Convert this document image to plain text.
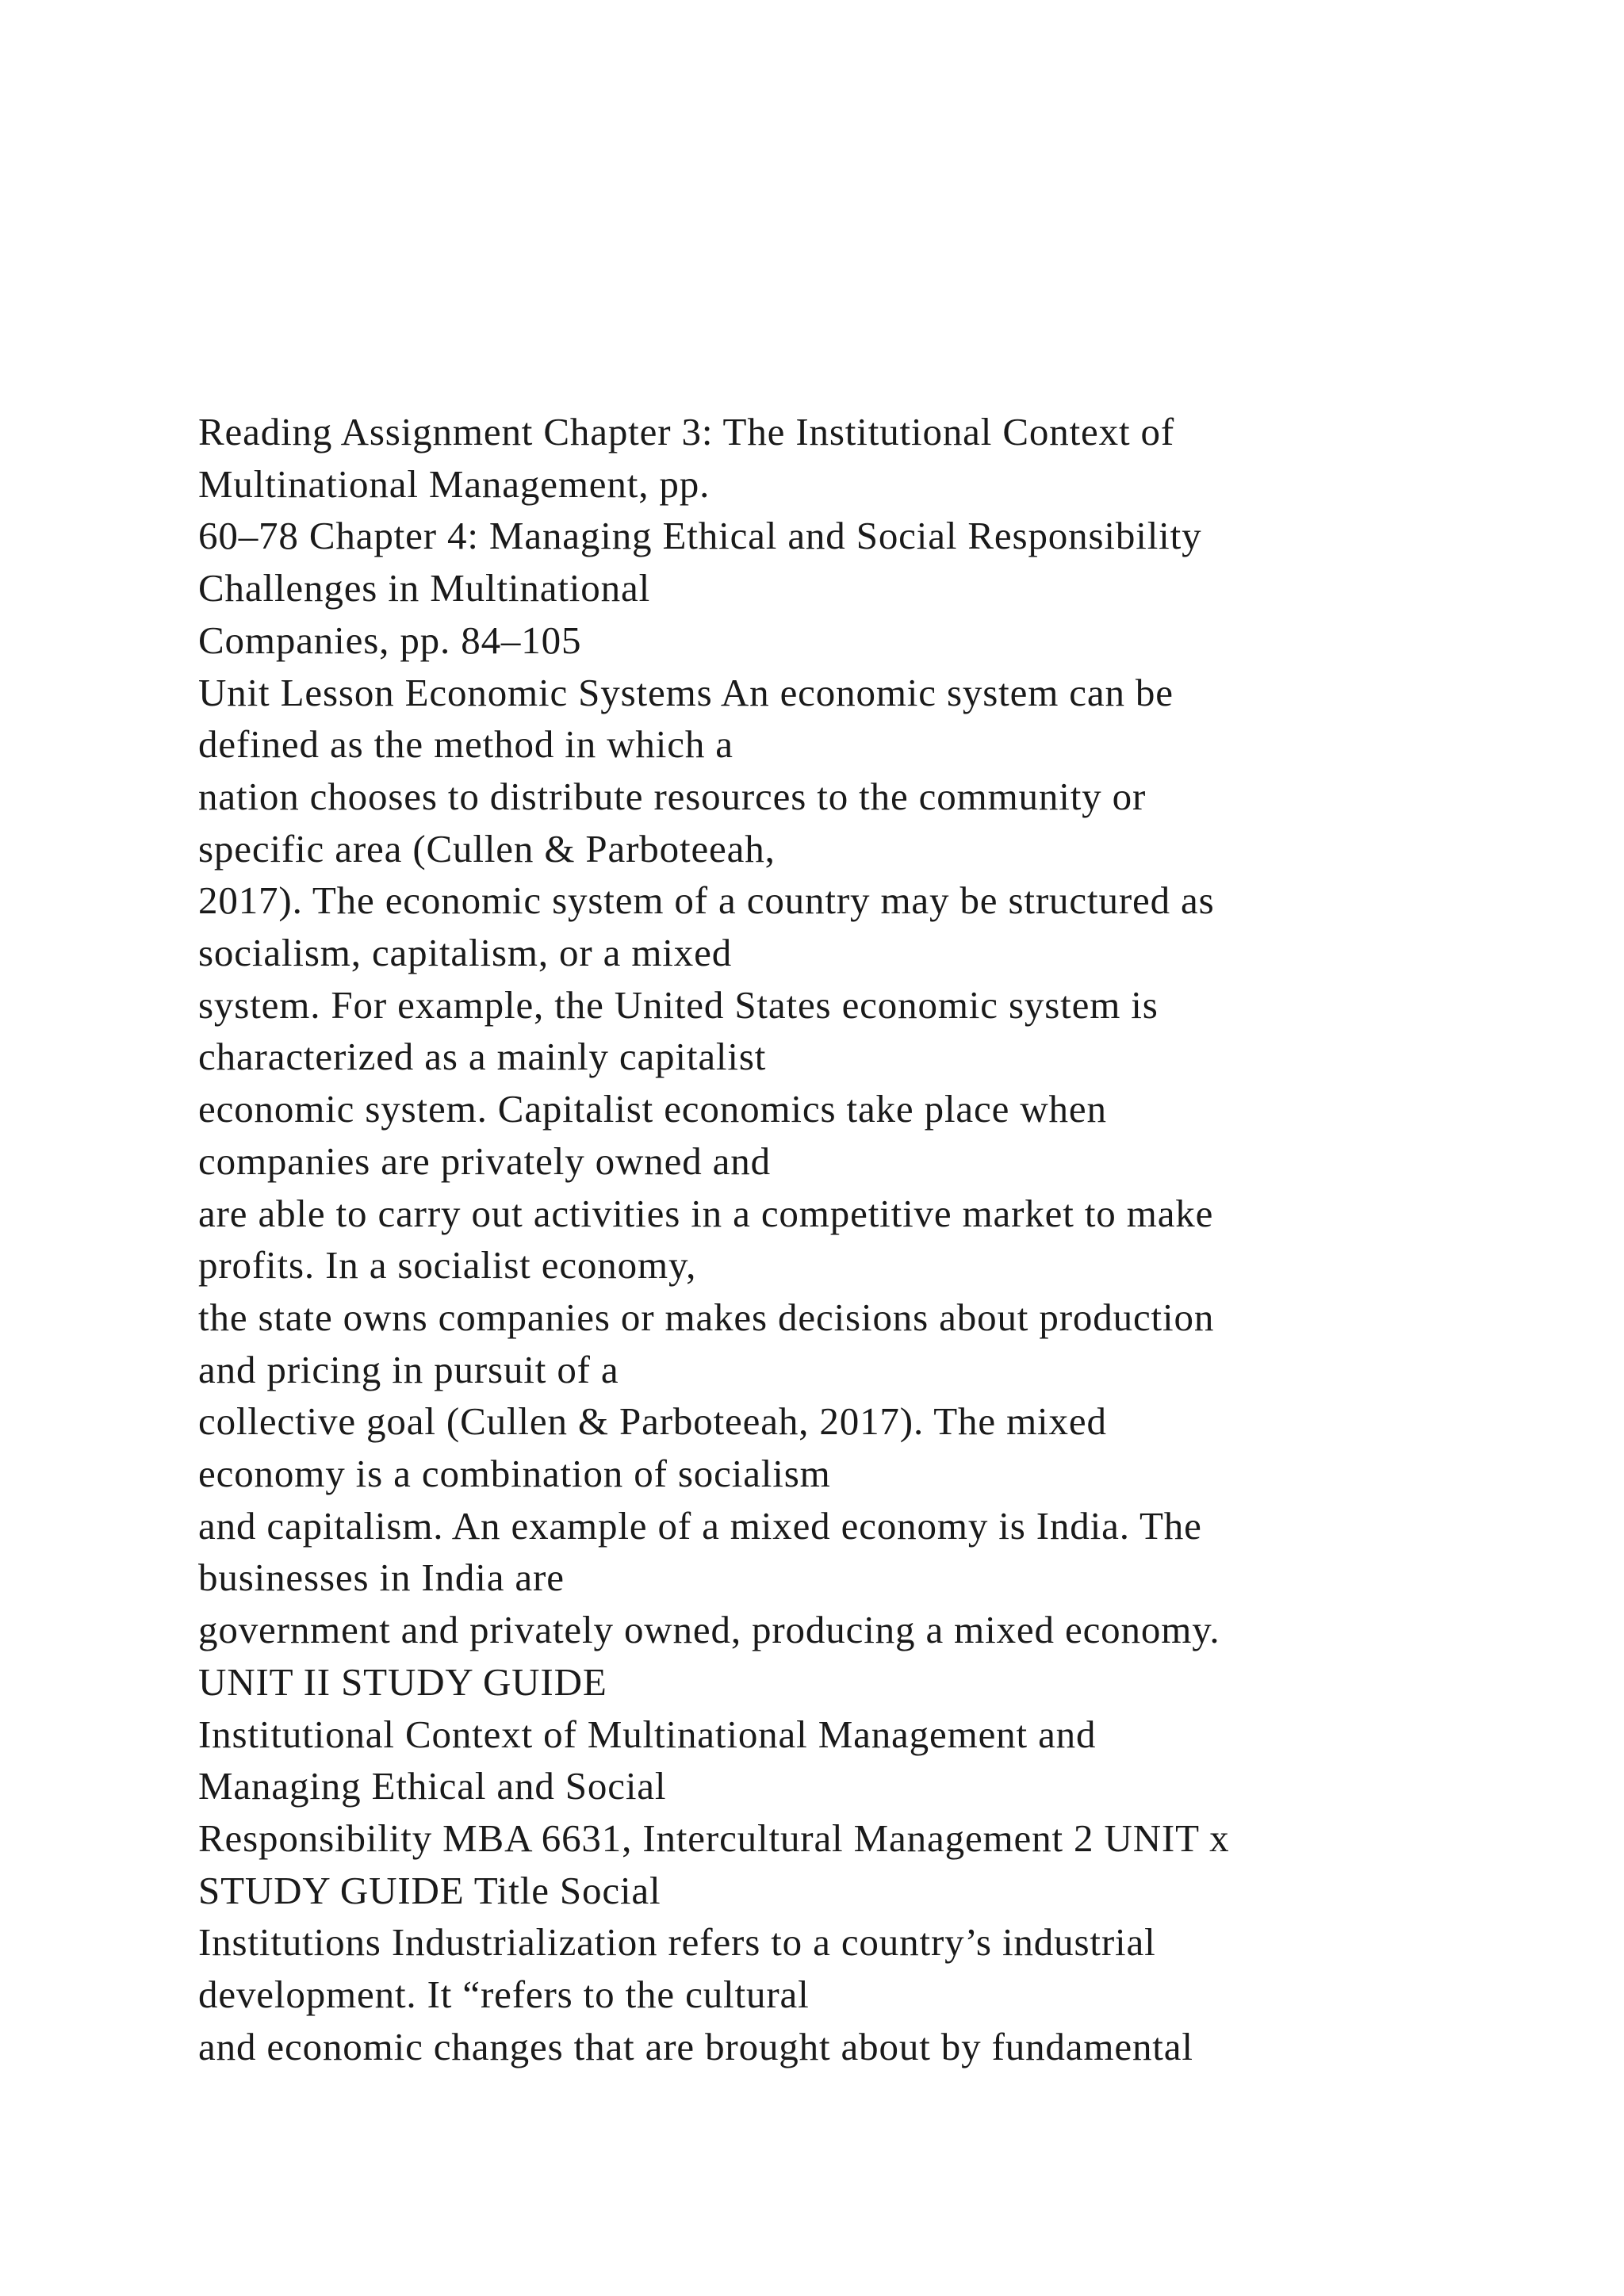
Reading Assignment Chapter 3: The Institutional Context of
Multinational Management, pp.
60–78 Chapter 4: Managing Ethical and Social Responsibility
Challenges in Multinational
Companies, pp. 84–105
Unit Lesson Economic Systems An economic system can be
defined as the method in which a
nation chooses to distribute resources to the community or
specific area (Cullen & Parboteeah,
2017). The economic system of a country may be structured as
socialism, capitalism, or a mixed
system. For example, the United States economic system is
characterized as a mainly capitalist
economic system. Capitalist economics take place when
companies are privately owned and
are able to carry out activities in a competitive market to make
profits. In a socialist economy,
the state owns companies or makes decisions about production
and pricing in pursuit of a
collective goal (Cullen & Parboteeah, 2017). The mixed
economy is a combination of socialism
and capitalism. An example of a mixed economy is India. The
businesses in India are
government and privately owned, producing a mixed economy.
UNIT II STUDY GUIDE
Institutional Context of Multinational Management and
Managing Ethical and Social
Responsibility MBA 6631, Intercultural Management 2 UNIT x
STUDY GUIDE Title Social
Institutions Industrialization refers to a country’s industrial
development. It “refers to the cultural
and economic changes that are brought about by fundamental
